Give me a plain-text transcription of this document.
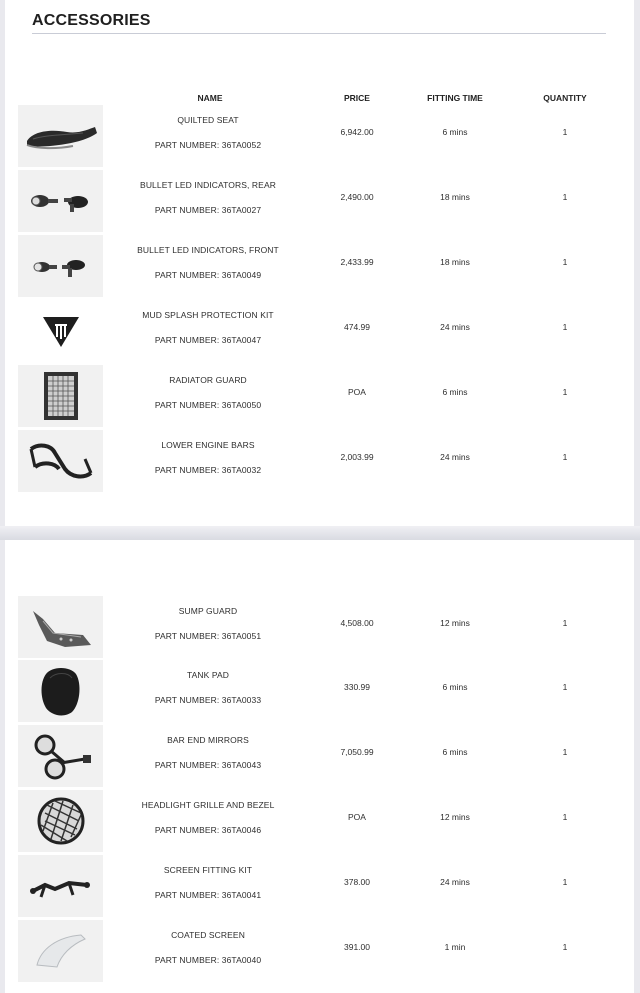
ACCESSORIES
NAME	PRICE	FITTING TIME	QUANTITY
QUILTED SEAT
PART NUMBER: 36TA0052
6,942.00	6 mins	1
BULLET LED INDICATORS, REAR
PART NUMBER: 36TA0027
2,490.00	18 mins	1
BULLET LED INDICATORS, FRONT
PART NUMBER: 36TA0049
2,433.99	18 mins	1
MUD SPLASH PROTECTION KIT
PART NUMBER: 36TA0047
474.99	24 mins	1
RADIATOR GUARD
PART NUMBER: 36TA0050
POA	6 mins	1
LOWER ENGINE BARS
PART NUMBER: 36TA0032
2,003.99	24 mins	1
SUMP GUARD
PART NUMBER: 36TA0051
4,508.00	12 mins	1
TANK PAD
PART NUMBER: 36TA0033
330.99	6 mins	1
BAR END MIRRORS
PART NUMBER: 36TA0043
7,050.99	6 mins	1
HEADLIGHT GRILLE AND BEZEL
PART NUMBER: 36TA0046
POA	12 mins	1
SCREEN FITTING KIT
PART NUMBER: 36TA0041
378.00	24 mins	1
COATED SCREEN
PART NUMBER: 36TA0040
391.00	1 min	1
